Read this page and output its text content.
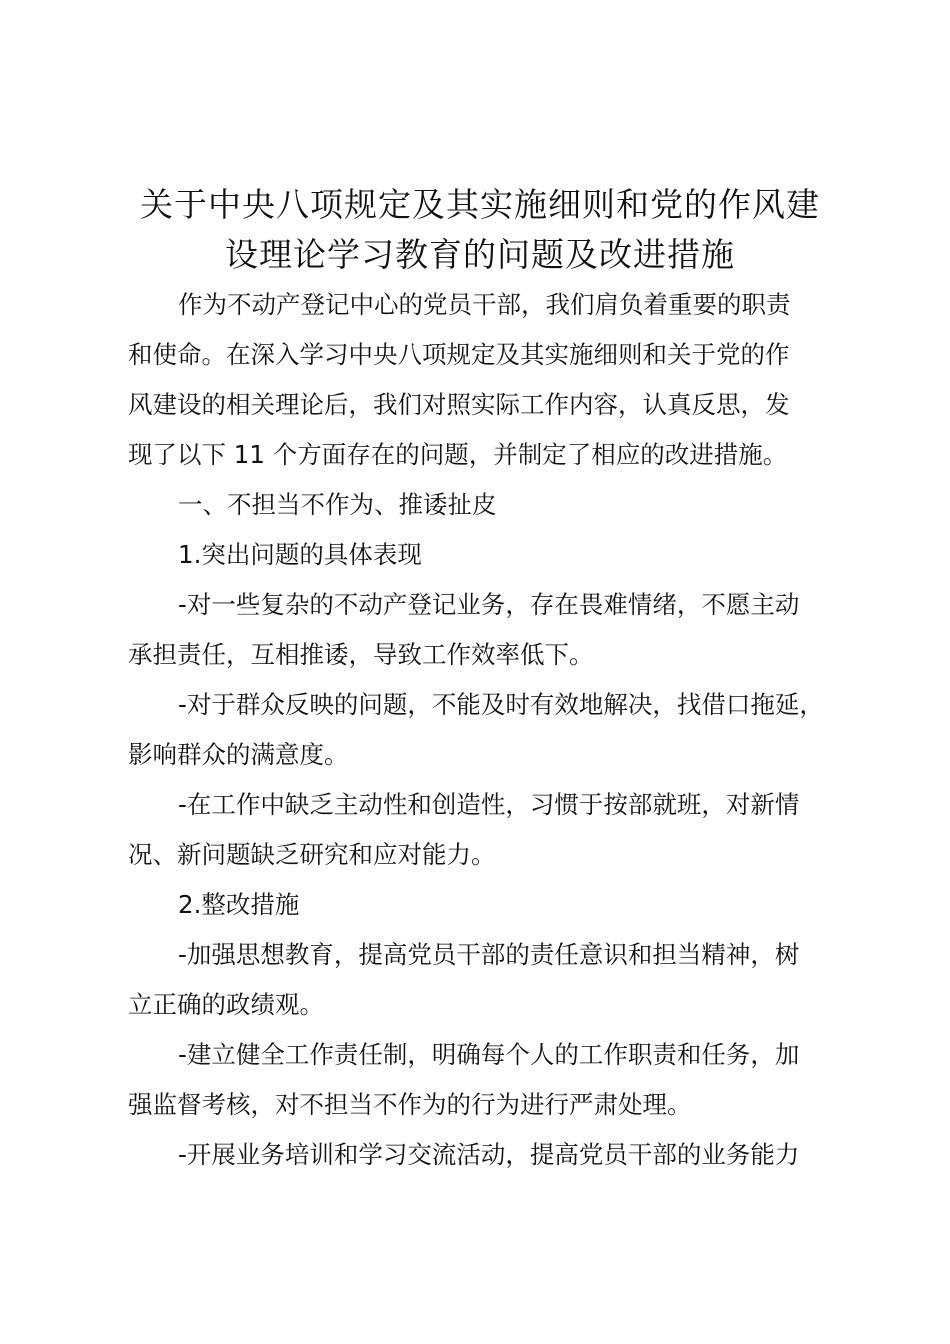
关于中央八项规定及其实施细则和党的作风建
设理论学习教育的问题及改进措施
作为不动产登记中心的党员干部，我们肩负着重要的职责
和使命。在深入学习中央八项规定及其实施细则和关于党的作
风建设的相关理论后，我们对照实际工作内容，认真反思，发
现了以下 11 个方面存在的问题，并制定了相应的改进措施。
一、不担当不作为、推诿扯皮
1.突出问题的具体表现
-对一些复杂的不动产登记业务，存在畏难情绪，不愿主动
承担责任，互相推诿，导致工作效率低下。
-对于群众反映的问题，不能及时有效地解决，找借口拖延，
影响群众的满意度。
-在工作中缺乏主动性和创造性，习惯于按部就班，对新情
况、新问题缺乏研究和应对能力。
2.整改措施
-加强思想教育，提高党员干部的责任意识和担当精神，树
立正确的政绩观。
-建立健全工作责任制，明确每个人的工作职责和任务，加
强监督考核，对不担当不作为的行为进行严肃处理。
-开展业务培训和学习交流活动，提高党员干部的业务能力
